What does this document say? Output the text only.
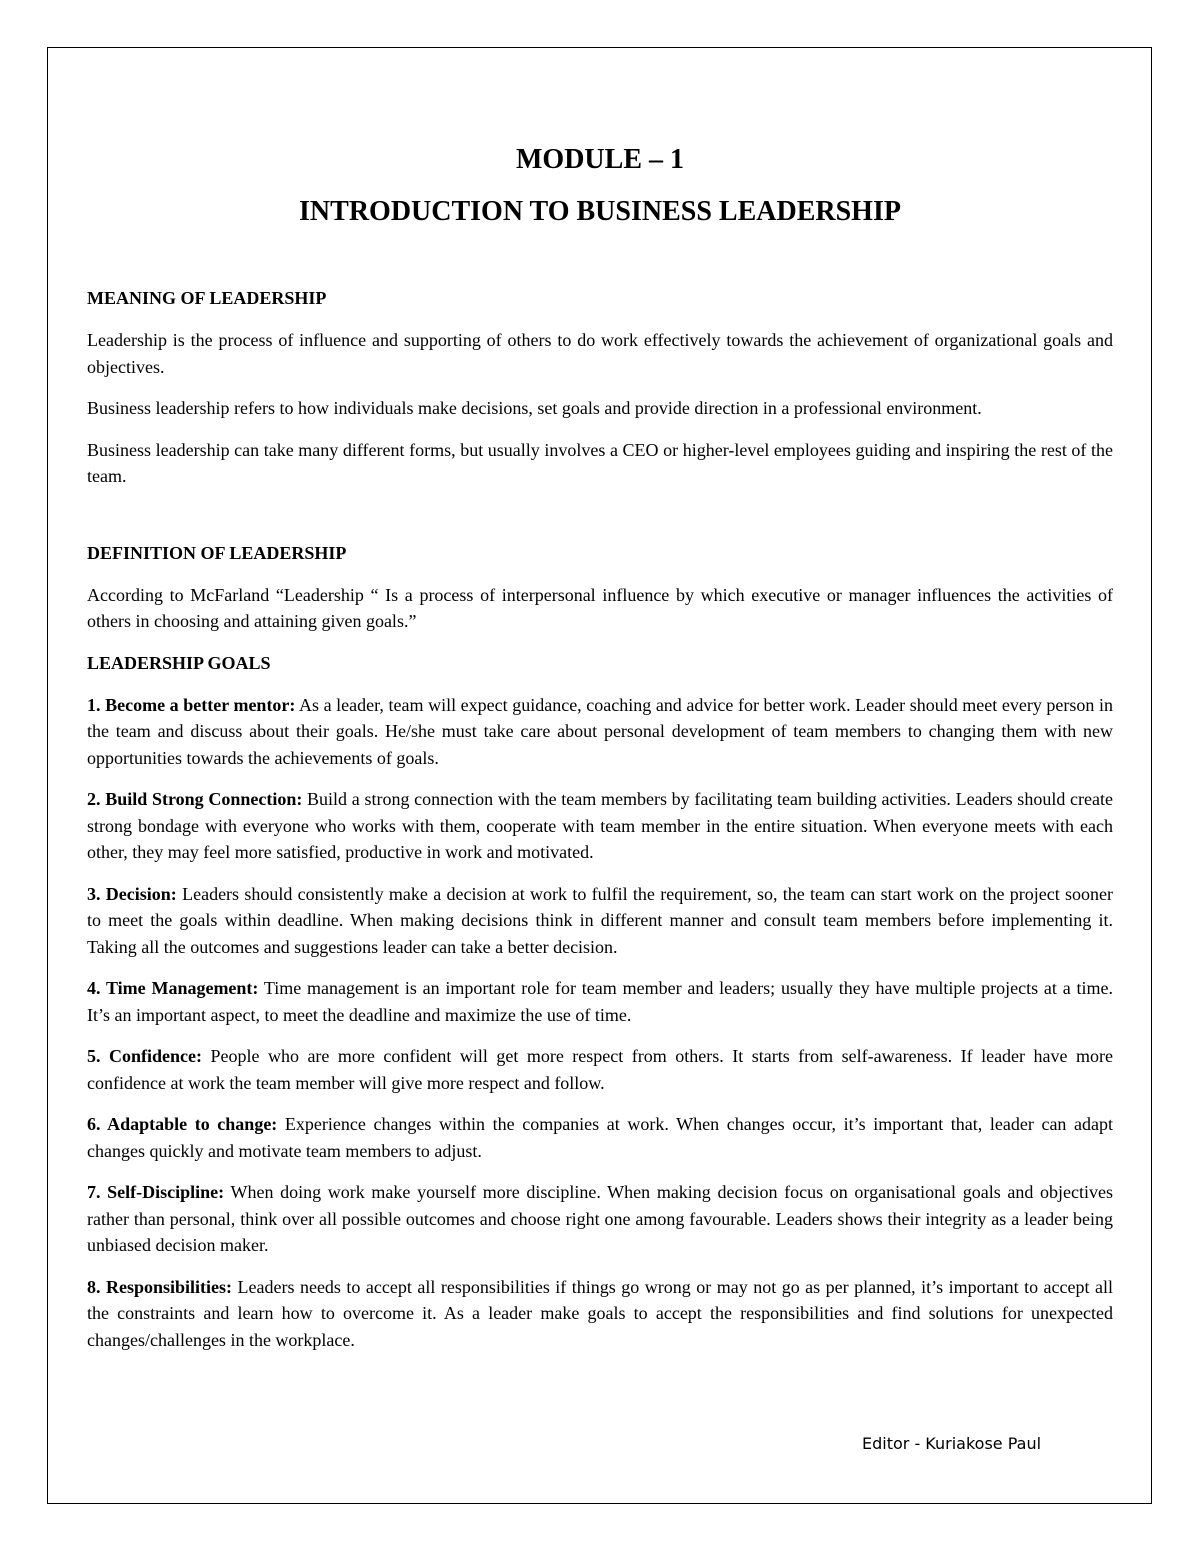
MODULE – 1
INTRODUCTION TO BUSINESS LEADERSHIP
MEANING OF LEADERSHIP

Leadership is the process of influence and supporting of others to do work effectively towards the achievement of organizational goals and objectives.

Business leadership refers to how individuals make decisions, set goals and provide direction in a professional environment.

Business leadership can take many different forms, but usually involves a CEO or higher-level employees guiding and inspiring the rest of the team.

DEFINITION OF LEADERSHIP

According to McFarland “Leadership “ Is a process of interpersonal influence by which executive or manager influences the activities of others in choosing and attaining given goals.”

LEADERSHIP GOALS

1. Become a better mentor: As a leader, team will expect guidance, coaching and advice for better work. Leader should meet every person in the team and discuss about their goals. He/she must take care about personal development of team members to changing them with new opportunities towards the achievements of goals.

2. Build Strong Connection: Build a strong connection with the team members by facilitating team building activities. Leaders should create strong bondage with everyone who works with them, cooperate with team member in the entire situation. When everyone meets with each other, they may feel more satisfied, productive in work and motivated.

3. Decision: Leaders should consistently make a decision at work to fulfil the requirement, so, the team can start work on the project sooner to meet the goals within deadline. When making decisions think in different manner and consult team members before implementing it. Taking all the outcomes and suggestions leader can take a better decision.

4. Time Management: Time management is an important role for team member and leaders; usually they have multiple projects at a time. It’s an important aspect, to meet the deadline and maximize the use of time.

5. Confidence: People who are more confident will get more respect from others. It starts from self-awareness. If leader have more confidence at work the team member will give more respect and follow.

6. Adaptable to change: Experience changes within the companies at work. When changes occur, it’s important that, leader can adapt changes quickly and motivate team members to adjust.

7. Self-Discipline: When doing work make yourself more discipline. When making decision focus on organisational goals and objectives rather than personal, think over all possible outcomes and choose right one among favourable. Leaders shows their integrity as a leader being unbiased decision maker.

8. Responsibilities: Leaders needs to accept all responsibilities if things go wrong or may not go as per planned, it’s important to accept all the constraints and learn how to overcome it. As a leader make goals to accept the responsibilities and find solutions for unexpected changes/challenges in the workplace.

Editor - Kuriakose Paul
